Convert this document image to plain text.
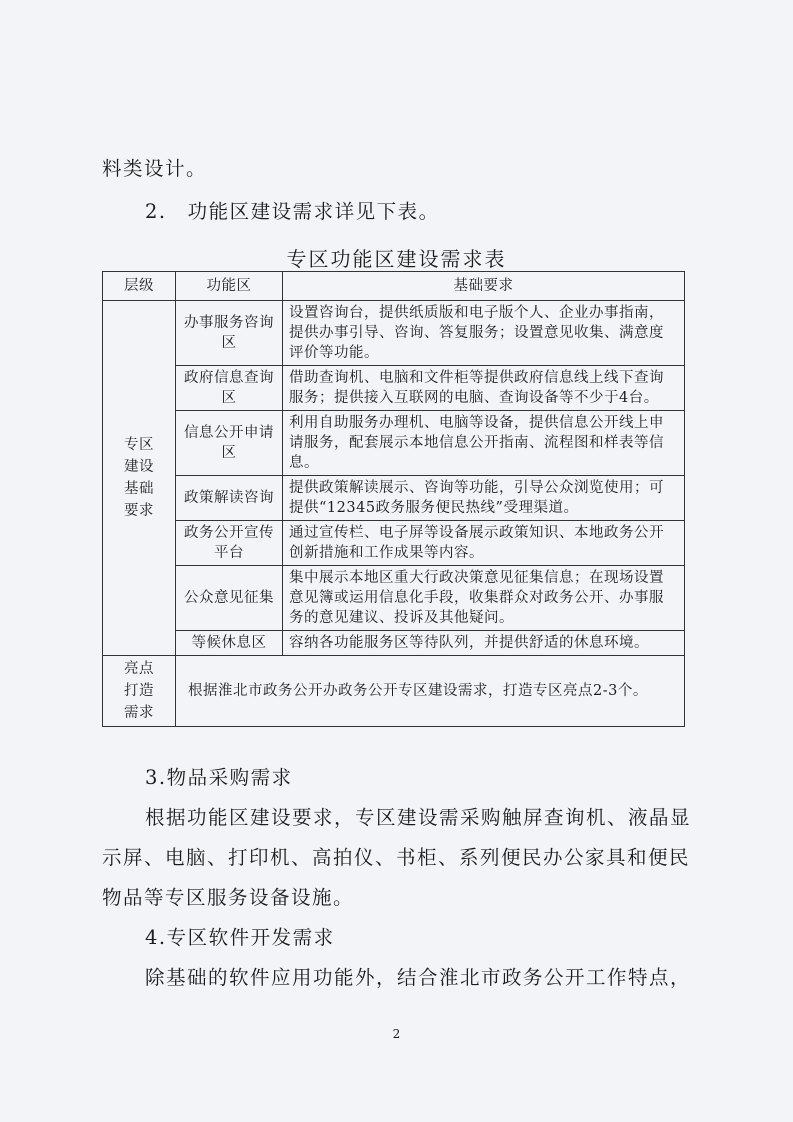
料类设计。
2.　功能区建设需求详见下表。
专区功能区建设需求表
层级	功能区	基础要求

专区建设基础要求	办事服务咨询区	设置咨询台，提供纸质版和电子版个人、企业办事指南，提供办事引导、咨询、答复服务；设置意见收集、满意度评价等功能。
	政府信息查询区	借助查询机、电脑和文件柜等提供政府信息线上线下查询服务；提供接入互联网的电脑、查询设备等不少于4台。
	信息公开申请区	利用自助服务办理机、电脑等设备，提供信息公开线上申请服务，配套展示本地信息公开指南、流程图和样表等信息。
	政策解读咨询	提供政策解读展示、咨询等功能，引导公众浏览使用；可提供“12345政务服务便民热线”受理渠道。
	政务公开宣传平台	通过宣传栏、电子屏等设备展示政策知识、本地政务公开创新措施和工作成果等内容。
	公众意见征集	集中展示本地区重大行政决策意见征集信息；在现场设置意见簿或运用信息化手段，收集群众对政务公开、办事服务的意见建议、投诉及其他疑问。
	等候休息区	容纳各功能服务区等待队列，并提供舒适的休息环境。

亮点打造需求	根据淮北市政务公开办政务公开专区建设需求，打造专区亮点2-3个。	
3.物品采购需求
根据功能区建设要求，专区建设需采购触屏查询机、液晶显
示屏、电脑、打印机、高拍仪、书柜、系列便民办公家具和便民
物品等专区服务设备设施。
4.专区软件开发需求
除基础的软件应用功能外，结合淮北市政务公开工作特点，
2
